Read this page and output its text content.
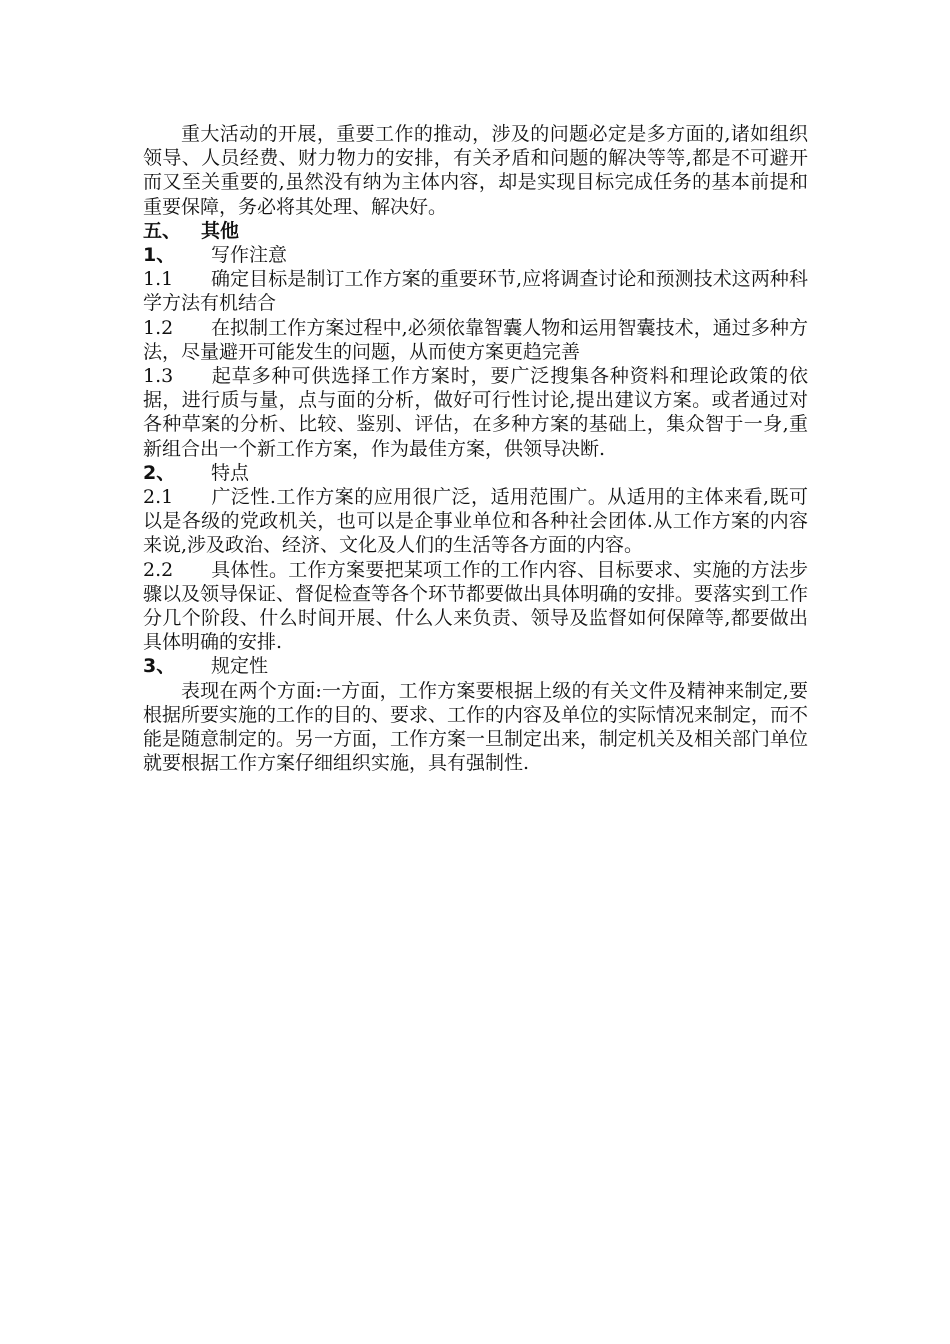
重大活动的开展，重要工作的推动，涉及的问题必定是多方面的,诸如组织领导、人员经费、财力物力的安排，有关矛盾和问题的解决等等,都是不可避开而又至关重要的,虽然没有纳为主体内容，却是实现目标完成任务的基本前提和重要保障，务必将其处理、解决好。

五、 其他

1、 写作注意

1.1 确定目标是制订工作方案的重要环节,应将调查讨论和预测技术这两种科学方法有机结合

1.2 在拟制工作方案过程中,必须依靠智囊人物和运用智囊技术，通过多种方法，尽量避开可能发生的问题，从而使方案更趋完善

1.3 起草多种可供选择工作方案时，要广泛搜集各种资料和理论政策的依据，进行质与量，点与面的分析，做好可行性讨论,提出建议方案。或者通过对各种草案的分析、比较、鉴别、评估，在多种方案的基础上，集众智于一身,重新组合出一个新工作方案，作为最佳方案，供领导决断.

2、 特点

2.1 广泛性.工作方案的应用很广泛，适用范围广。从适用的主体来看,既可以是各级的党政机关，也可以是企事业单位和各种社会团体.从工作方案的内容来说,涉及政治、经济、文化及人们的生活等各方面的内容。

2.2 具体性。工作方案要把某项工作的工作内容、目标要求、实施的方法步骤以及领导保证、督促检查等各个环节都要做出具体明确的安排。要落实到工作分几个阶段、什么时间开展、什么人来负责、领导及监督如何保障等,都要做出具体明确的安排.

3、 规定性

表现在两个方面:一方面，工作方案要根据上级的有关文件及精神来制定,要根据所要实施的工作的目的、要求、工作的内容及单位的实际情况来制定，而不能是随意制定的。另一方面，工作方案一旦制定出来，制定机关及相关部门单位就要根据工作方案仔细组织实施，具有强制性.
